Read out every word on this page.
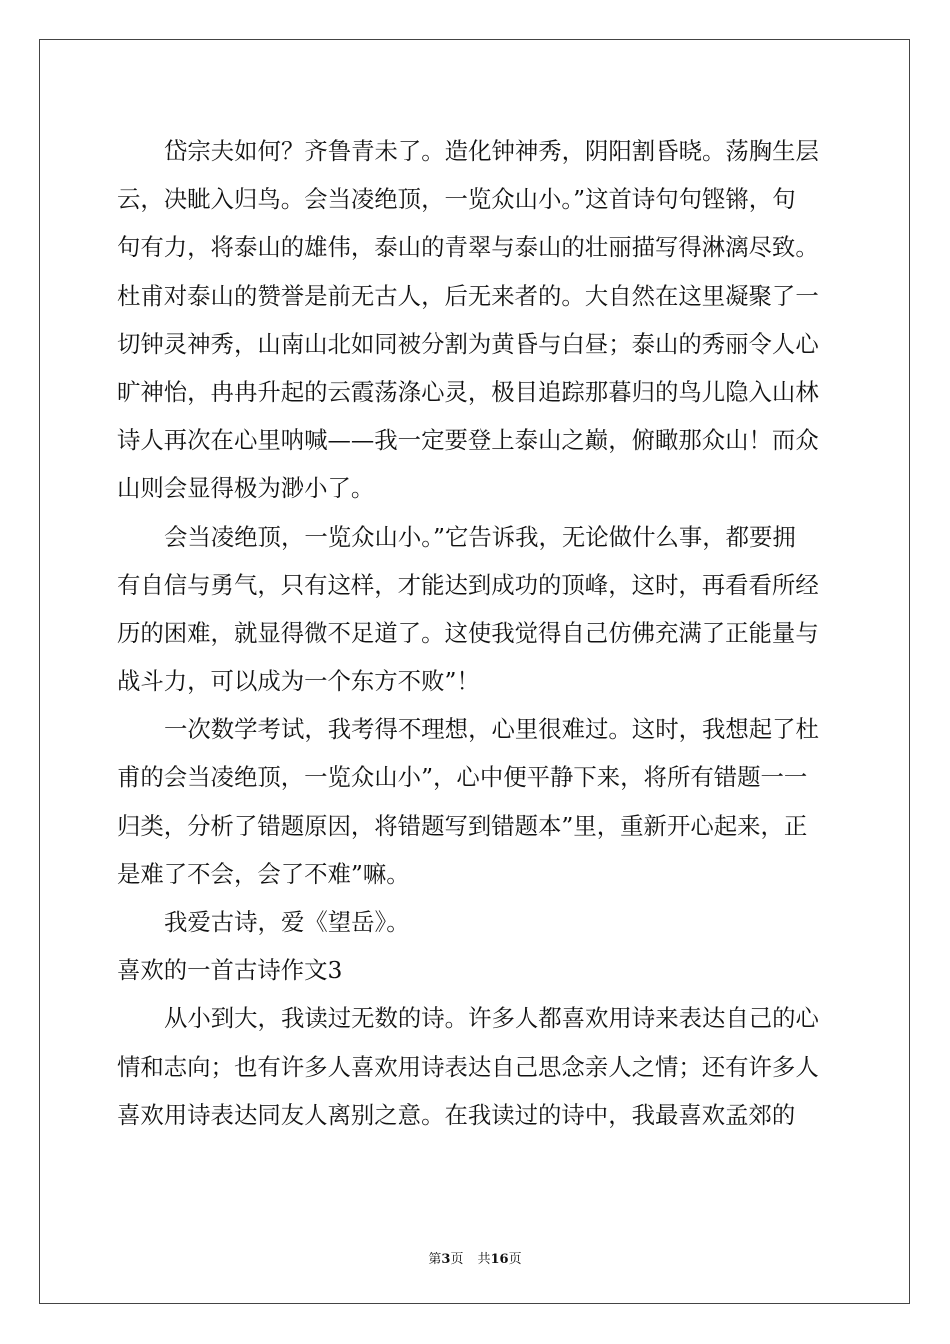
岱宗夫如何？齐鲁青未了。造化钟神秀，阴阳割昏晓。荡胸生层
云，决眦入归鸟。会当凌绝顶，一览众山小。”这首诗句句铿锵，句
句有力，将泰山的雄伟，泰山的青翠与泰山的壮丽描写得淋漓尽致。
杜甫对泰山的赞誉是前无古人，后无来者的。大自然在这里凝聚了一
切钟灵神秀，山南山北如同被分割为黄昏与白昼；泰山的秀丽令人心
旷神怡，冉冉升起的云霞荡涤心灵，极目追踪那暮归的鸟儿隐入山林
诗人再次在心里呐喊——我一定要登上泰山之巅，俯瞰那众山！而众
山则会显得极为渺小了。
会当凌绝顶，一览众山小。”它告诉我，无论做什么事，都要拥
有自信与勇气，只有这样，才能达到成功的顶峰，这时，再看看所经
历的困难，就显得微不足道了。这使我觉得自己仿佛充满了正能量与
战斗力，可以成为一个东方不败”！
一次数学考试，我考得不理想，心里很难过。这时，我想起了杜
甫的会当凌绝顶，一览众山小”，心中便平静下来，将所有错题一一
归类，分析了错题原因，将错题写到错题本”里，重新开心起来，正
是难了不会，会了不难”嘛。
我爱古诗，爱《望岳》。
喜欢的一首古诗作文3
从小到大，我读过无数的诗。许多人都喜欢用诗来表达自己的心
情和志向；也有许多人喜欢用诗表达自己思念亲人之情；还有许多人
喜欢用诗表达同友人离别之意。在我读过的诗中，我最喜欢孟郊的
第3页 共16页
